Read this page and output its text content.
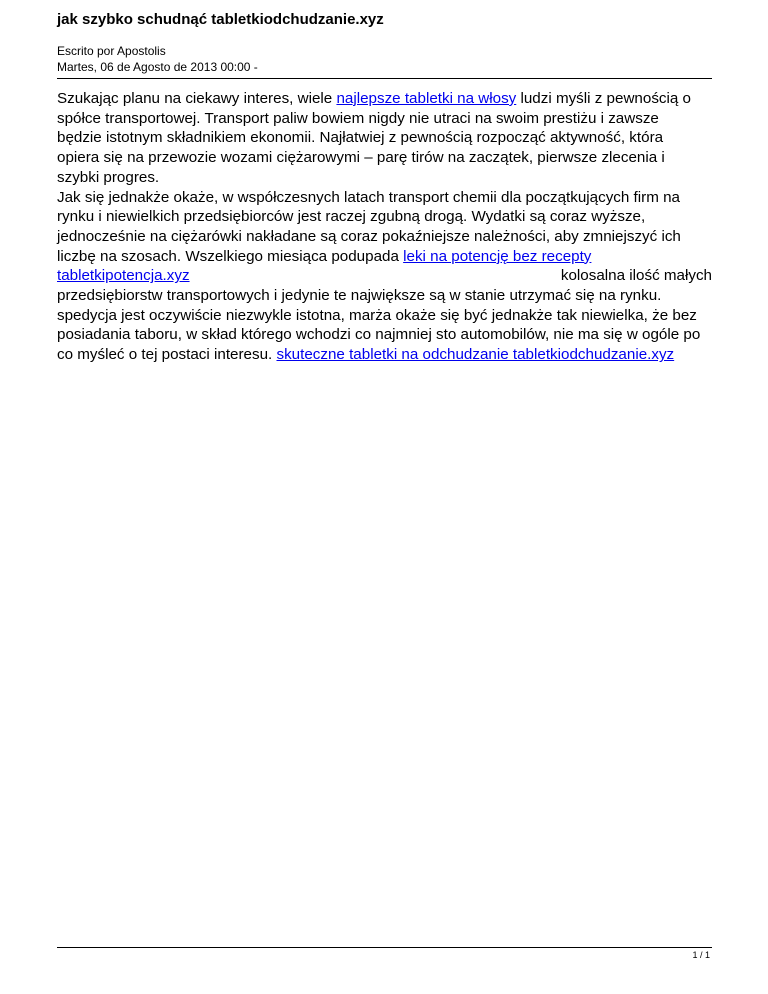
jak szybko schudnąć tabletkiodchudzanie.xyz
Escrito por Apostolis
Martes, 06 de Agosto de 2013 00:00 -

Szukając planu na ciekawy interes, wiele najlepsze tabletki na włosy ludzi myśli z pewnością o
spółce transportowej. Transport paliw bowiem nigdy nie utraci na swoim prestiżu i zawsze
będzie istotnym składnikiem ekonomii. Najłatwiej z pewnością rozpocząć aktywność, która
opiera się na przewozie wozami ciężarowymi – parę tirów na zaczątek, pierwsze zlecenia i
szybki progres.

Jak się jednakże okaże, w współczesnych latach transport chemii dla początkujących firm na
rynku i niewielkich przedsiębiorców jest raczej zgubną drogą. Wydatki są coraz wyższe,
jednocześnie na ciężarówki nakładane są coraz pokaźniejsze należności, aby zmniejszyć ich
liczbę na szosach. Wszelkiego miesiąca podupada leki na potencję bez recepty
tabletkipotencja.xyz	kolosalna ilość małych
przedsiębiorstw transportowych i jedynie te największe są w stanie utrzymać się na rynku.
spedycja jest oczywiście niezwykle istotna, marża okaże się być jednakże tak niewielka, że bez
posiadania taboru, w skład którego wchodzi co najmniej sto automobilów, nie ma się w ogóle po
co myśleć o tej postaci interesu. skuteczne tabletki na odchudzanie tabletkiodchudzanie.xyz

1 / 1
